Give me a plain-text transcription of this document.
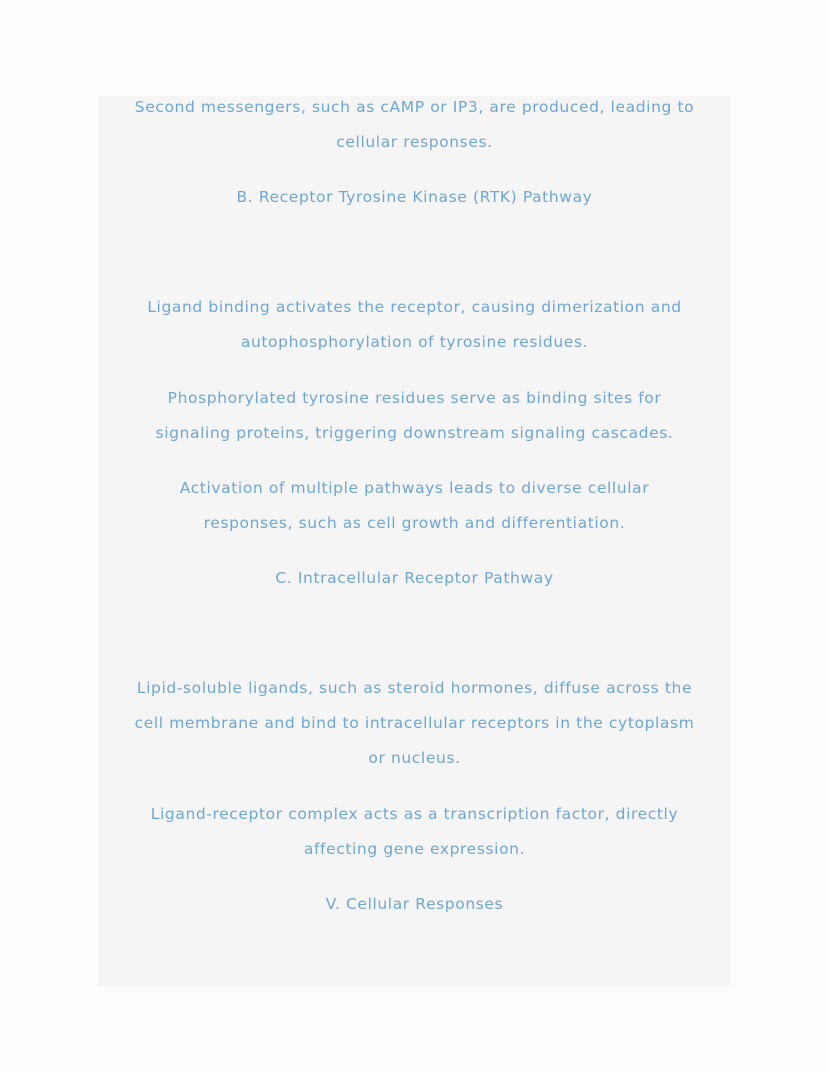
Second messengers, such as cAMP or IP3, are produced, leading to
cellular responses.

B. Receptor Tyrosine Kinase (RTK) Pathway

Ligand binding activates the receptor, causing dimerization and
autophosphorylation of tyrosine residues.

Phosphorylated tyrosine residues serve as binding sites for
signaling proteins, triggering downstream signaling cascades.

Activation of multiple pathways leads to diverse cellular
responses, such as cell growth and differentiation.

C. Intracellular Receptor Pathway

Lipid-soluble ligands, such as steroid hormones, diffuse across the
cell membrane and bind to intracellular receptors in the cytoplasm
or nucleus.

Ligand-receptor complex acts as a transcription factor, directly
affecting gene expression.

V. Cellular Responses
